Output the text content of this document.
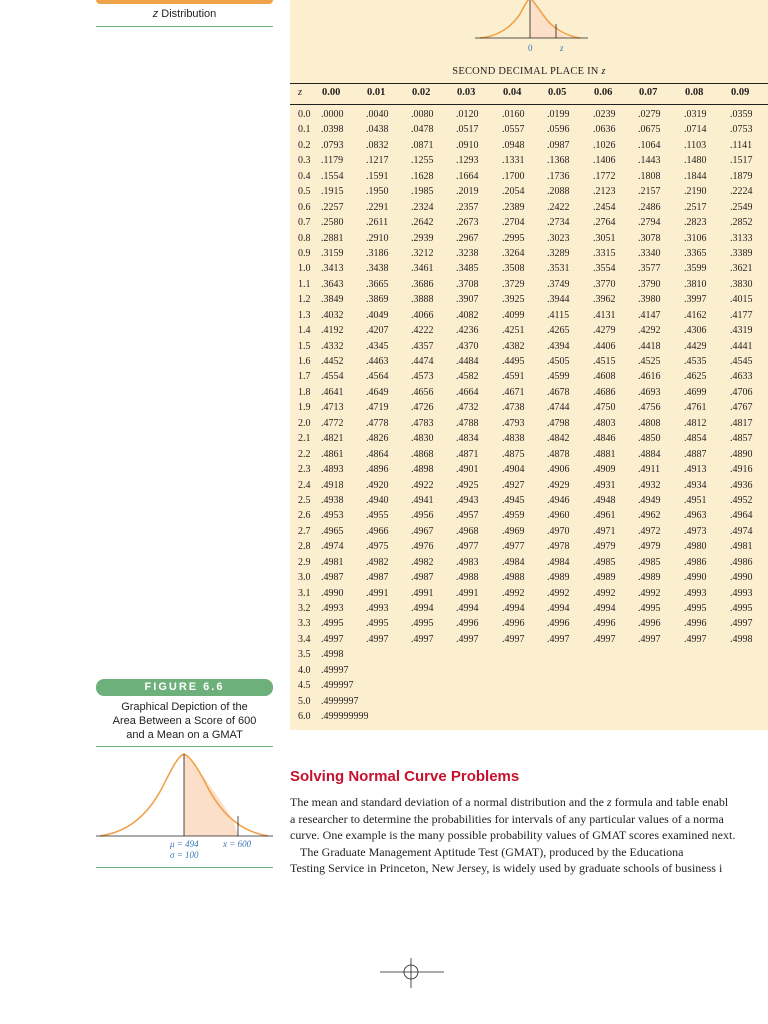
z Distribution
0	z
SECOND DECIMAL PLACE IN z
z 0.00	0.01	0.02	0.03	0.04	0.05	0.06	0.07	0.08	0.09
0.0 .0000 .0040 .0080 .0120 .0160 .0199 .0239 .0279 .0319 .0359
0.1 .0398 .0438 .0478 .0517 .0557 .0596 .0636 .0675 .0714 .0753
0.2 .0793 .0832 .0871 .0910 .0948 .0987 .1026 .1064 .1103 .1141
0.3 .1179 .1217 .1255 .1293 .1331 .1368 .1406 .1443 .1480 .1517
0.4 .1554 .1591 .1628 .1664 .1700 .1736 .1772 .1808 .1844 .1879
0.5 .1915 .1950 .1985 .2019 .2054 .2088 .2123 .2157 .2190 .2224
0.6 .2257 .2291 .2324 .2357 .2389 .2422 .2454 .2486 .2517 .2549
0.7 .2580 .2611 .2642 .2673 .2704 .2734 .2764 .2794 .2823 .2852
0.8 .2881 .2910 .2939 .2967 .2995 .3023 .3051 .3078 .3106 .3133
0.9 .3159 .3186 .3212 .3238 .3264 .3289 .3315 .3340 .3365 .3389
1.0 .3413 .3438 .3461 .3485 .3508 .3531 .3554 .3577 .3599 .3621
1.1 .3643 .3665 .3686 .3708 .3729 .3749 .3770 .3790 .3810 .3830
1.2 .3849 .3869 .3888 .3907 .3925 .3944 .3962 .3980 .3997 .4015
1.3 .4032 .4049 .4066 .4082 .4099 .4115 .4131 .4147 .4162 .4177
1.4 .4192 .4207 .4222 .4236 .4251 .4265 .4279 .4292 .4306 .4319
1.5 .4332 .4345 .4357 .4370 .4382 .4394 .4406 .4418 .4429 .4441
1.6 .4452 .4463 .4474 .4484 .4495 .4505 .4515 .4525 .4535 .4545
1.7 .4554 .4564 .4573 .4582 .4591 .4599 .4608 .4616 .4625 .4633
1.8 .4641 .4649 .4656 .4664 .4671 .4678 .4686 .4693 .4699 .4706
1.9 .4713 .4719 .4726 .4732 .4738 .4744 .4750 .4756 .4761 .4767
2.0 .4772 .4778 .4783 .4788 .4793 .4798 .4803 .4808 .4812 .4817
2.1 .4821 .4826 .4830 .4834 .4838 .4842 .4846 .4850 .4854 .4857
2.2 .4861 .4864 .4868 .4871 .4875 .4878 .4881 .4884 .4887 .4890
2.3 .4893 .4896 .4898 .4901 .4904 .4906 .4909 .4911 .4913 .4916
2.4 .4918 .4920 .4922 .4925 .4927 .4929 .4931 .4932 .4934 .4936
2.5 .4938 .4940 .4941 .4943 .4945 .4946 .4948 .4949 .4951 .4952
2.6 .4953 .4955 .4956 .4957 .4959 .4960 .4961 .4962 .4963 .4964
2.7 .4965 .4966 .4967 .4968 .4969 .4970 .4971 .4972 .4973 .4974
2.8 .4974 .4975 .4976 .4977 .4977 .4978 .4979 .4979 .4980 .4981
2.9 .4981 .4982 .4982 .4983 .4984 .4984 .4985 .4985 .4986 .4986
3.0 .4987 .4987 .4987 .4988 .4988 .4989 .4989 .4989 .4990 .4990
3.1 .4990 .4991 .4991 .4991 .4992 .4992 .4992 .4992 .4993 .4993
3.2 .4993 .4993 .4994 .4994 .4994 .4994 .4994 .4995 .4995 .4995
3.3 .4995 .4995 .4995 .4996 .4996 .4996 .4996 .4996 .4996 .4997
3.4 .4997 .4997 .4997 .4997 .4997 .4997 .4997 .4997 .4997 .4998
3.5 .4998
4.0 .49997
4.5 .499997
5.0 .4999997
6.0 .499999999
FIGURE 6.6
Graphical Depiction of the
Area Between a Score of 600
and a Mean on a GMAT
μ = 494
σ = 100
x = 600
Solving Normal Curve Problems
The mean and standard deviation of a normal distribution and the z formula and table enabl
a researcher to determine the probabilities for intervals of any particular values of a norma
curve. One example is the many possible probability values of GMAT scores examined next.
The Graduate Management Aptitude Test (GMAT), produced by the Educationa
Testing Service in Princeton, New Jersey, is widely used by graduate schools of business i
